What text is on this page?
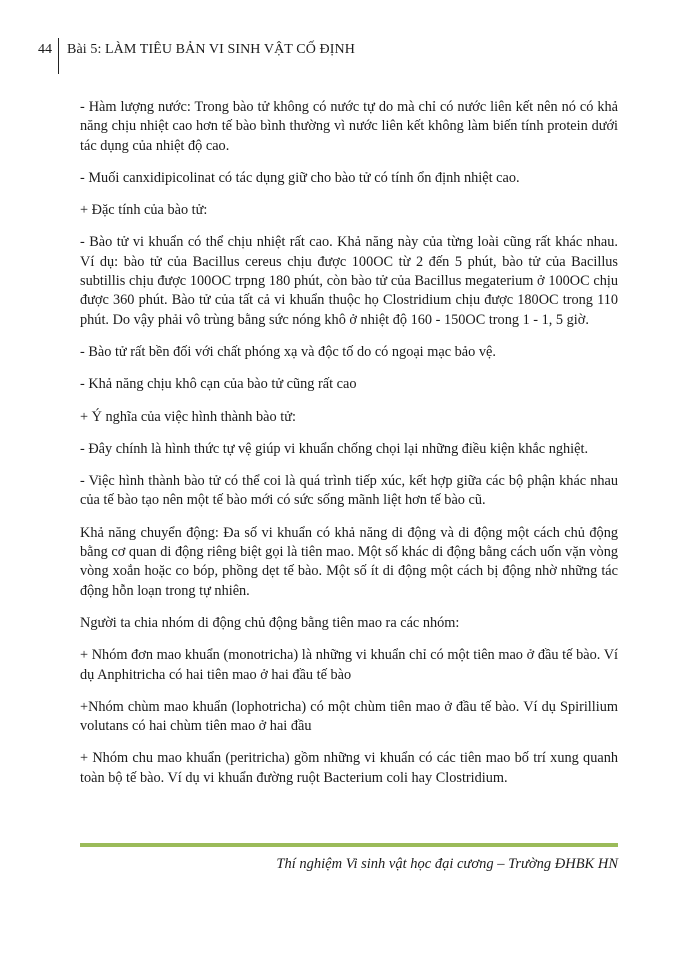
44 Bài 5: LÀM TIÊU BẢN VI SINH VẬT CỐ ĐỊNH

- Hàm lượng nước: Trong bào tử không có nước tự do mà chỉ có nước liên kết nên nó có khả năng chịu nhiệt cao hơn tế bào bình thường vì nước liên kết không làm biến tính protein dưới tác dụng của nhiệt độ cao.

- Muối canxidipicolinat có tác dụng giữ cho bào tử có tính ổn định nhiệt cao.

+ Đặc tính của bào tử:

- Bào tử vi khuẩn có thể chịu nhiệt rất cao. Khả năng này của từng loài cũng rất khác nhau. Ví dụ: bào tử của Bacillus cereus chịu được 100OC từ 2 đến 5 phút, bào tử của Bacillus subtillis chịu được 100OC trpng 180 phút, còn bào tử của Bacillus megaterium ở 100OC chịu được 360 phút. Bào tử của tất cả vi khuẩn thuộc họ Clostridium chịu được 180OC trong 110 phút. Do vậy phải vô trùng bằng sức nóng khô ở nhiệt độ 160 - 150OC trong 1 - 1, 5 giờ.

- Bào tử rất bền đối với chất phóng xạ và độc tố do có ngoại mạc bảo vệ.

- Khả năng chịu khô cạn của bào tử cũng rất cao

+ Ý nghĩa của việc hình thành bào tử:

- Đây chính là hình thức tự vệ giúp vi khuẩn chống chọi lại những điều kiện khắc nghiệt.

- Việc hình thành bào tử có thể coi là quá trình tiếp xúc, kết hợp giữa các bộ phận khác nhau của tế bào tạo nên một tế bào mới có sức sống mãnh liệt hơn tế bào cũ.

Khả năng chuyển động: Đa số vi khuẩn có khả năng di động và di động một cách chủ động bằng cơ quan di động riêng biệt gọi là tiên mao. Một số khác di động bằng cách uốn vặn vòng vòng xoắn hoặc co bóp, phồng dẹt tế bào. Một số ít di động một cách bị động nhờ những tác động hỗn loạn trong tự nhiên.

Người ta chia nhóm di động chủ động bằng tiên mao ra các nhóm:

+ Nhóm đơn mao khuẩn (monotricha) là những vi khuẩn chỉ có một tiên mao ở đầu tế bào. Ví dụ Anphitricha có hai tiên mao ở hai đầu tế bào

+Nhóm chùm mao khuẩn (lophotricha) có một chùm tiên mao ở đầu tế bào. Ví dụ Spirillium volutans có hai chùm tiên mao ở hai đầu

+ Nhóm chu mao khuẩn (peritricha) gồm những vi khuẩn có các tiên mao bố trí xung quanh toàn bộ tế bào. Ví dụ vi khuẩn đường ruột Bacterium coli hay Clostridium.

Thí nghiệm Vi sinh vật học đại cương – Trường ĐHBK HN
